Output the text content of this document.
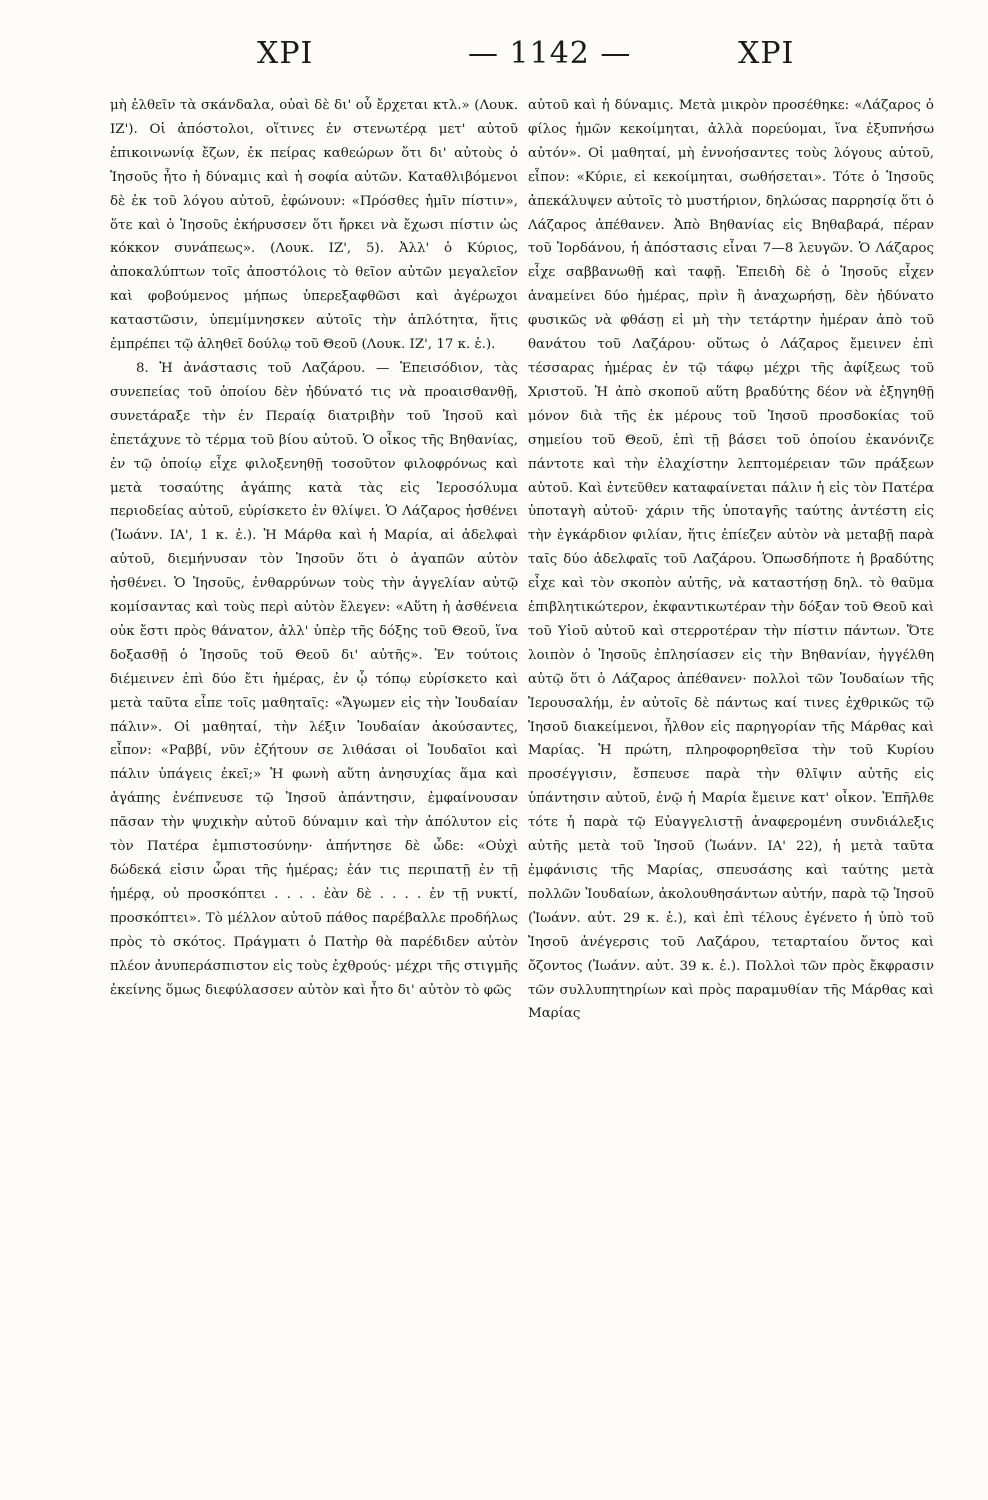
ΧΡΙ	— 1142 —	ΧΡΙ

μὴ ἐλθεῖν τὰ σκάνδαλα, οὐαὶ δὲ δι' οὗ ἔρχεται κτλ.» (Λουκ. ΙΖ'). Οἱ ἀπόστολοι, οἵτινες ἐν στενωτέρᾳ μετ' αὐτοῦ ἐπικοινωνίᾳ ἔζων, ἐκ πείρας καθεώρων ὅτι δι' αὐτοὺς ὁ Ἰησοῦς ἦτο ἡ δύναμις καὶ ἡ σοφία αὐτῶν. Καταθλιβόμενοι δὲ ἐκ τοῦ λόγου αὐτοῦ, ἐφώνουν: «Πρόσθες ἡμῖν πίστιν», ὅτε καὶ ὁ Ἰησοῦς ἐκήρυσσεν ὅτι ἤρκει νὰ ἔχωσι πίστιν ὡς κόκκον συνάπεως». (Λουκ. ΙΖ', 5). Ἀλλ' ὁ Κύριος, ἀποκαλύπτων τοῖς ἀποστόλοις τὸ θεῖον αὐτῶν μεγαλεῖον καὶ φοβούμενος μήπως ὑπερεξαφθῶσι καὶ ἀγέρωχοι καταστῶσιν, ὑπεμίμνησκεν αὐτοῖς τὴν ἁπλότητα, ἥτις ἐμπρέπει τῷ ἀληθεῖ δούλῳ τοῦ Θεοῦ (Λουκ. ΙΖ', 17 κ. ἑ.).

8. Ἡ ἀνάστασις τοῦ Λαζάρου. — Ἐπεισόδιον, τὰς συνεπείας τοῦ ὁποίου δὲν ἠδύνατό τις νὰ προαισθανθῇ, συνετάραξε τὴν ἐν Περαίᾳ διατριβὴν τοῦ Ἰησοῦ καὶ ἐπετάχυνε τὸ τέρμα τοῦ βίου αὐτοῦ. Ὁ οἶκος τῆς Βηθανίας, ἐν τῷ ὁποίῳ εἶχε φιλοξενηθῇ τοσοῦτον φιλοφρόνως καὶ μετὰ τοσαύτης ἀγάπης κατὰ τὰς εἰς Ἱεροσόλυμα περιοδείας αὐτοῦ, εὑρίσκετο ἐν θλίψει. Ὁ Λάζαρος ἠσθένει (Ἰωάνν. ΙΑ', 1 κ. ἑ.). Ἡ Μάρθα καὶ ἡ Μαρία, αἱ ἀδελφαὶ αὐτοῦ, διεμήνυσαν τὸν Ἰησοῦν ὅτι ὁ ἀγαπῶν αὐτὸν ἠσθένει. Ὁ Ἰησοῦς, ἐνθαρρύνων τοὺς τὴν ἀγγελίαν αὐτῷ κομίσαντας καὶ τοὺς περὶ αὐτὸν ἔλεγεν: «Αὕτη ἡ ἀσθένεια οὐκ ἔστι πρὸς θάνατον, ἀλλ' ὑπὲρ τῆς δόξης τοῦ Θεοῦ, ἵνα δοξασθῇ ὁ Ἰησοῦς τοῦ Θεοῦ δι' αὐτῆς». Ἐν τούτοις διέμεινεν ἐπὶ δύο ἔτι ἡμέρας, ἐν ᾧ τόπῳ εὑρίσκετο καὶ μετὰ ταῦτα εἶπε τοῖς μαθηταῖς: «Ἄγωμεν εἰς τὴν Ἰουδαίαν πάλιν». Οἱ μαθηταί, τὴν λέξιν Ἰουδαίαν ἀκούσαντες, εἶπον: «Ραββί, νῦν ἐζήτουν σε λιθάσαι οἱ Ἰουδαῖοι καὶ πάλιν ὑπάγεις ἐκεῖ;» Ἡ φωνὴ αὕτη ἀνησυχίας ἅμα καὶ ἀγάπης ἐνέπνευσε τῷ Ἰησοῦ ἀπάντησιν, ἐμφαίνουσαν πᾶσαν τὴν ψυχικὴν αὐτοῦ δύναμιν καὶ τὴν ἀπόλυτον εἰς τὸν Πατέρα ἐμπιστοσύνην· ἀπήντησε δὲ ὧδε: «Οὐχὶ δώδεκά εἰσιν ὧραι τῆς ἡμέρας; ἐάν τις περιπατῇ ἐν τῇ ἡμέρᾳ, οὐ προσκόπτει . . . . ἐὰν δὲ . . . . ἐν τῇ νυκτί, προσκόπτει». Τὸ μέλλον αὐτοῦ πάθος παρέβαλλε προδήλως πρὸς τὸ σκότος. Πράγματι ὁ Πατὴρ θὰ παρέδιδεν αὐτὸν πλέον ἀνυπεράσπιστον εἰς τοὺς ἐχθρούς· μέχρι τῆς στιγμῆς ἐκείνης ὅμως διεφύλασσεν αὐτὸν καὶ ἦτο δι' αὐτὸν τὸ φῶς

αὐτοῦ καὶ ἡ δύναμις. Μετὰ μικρὸν προσέθηκε: «Λάζαρος ὁ φίλος ἡμῶν κεκοίμηται, ἀλλὰ πορεύομαι, ἵνα ἐξυπνήσω αὐτόν». Οἱ μαθηταί, μὴ ἐννοήσαντες τοὺς λόγους αὐτοῦ, εἶπον: «Κύριε, εἰ κεκοίμηται, σωθήσεται». Τότε ὁ Ἰησοῦς ἀπεκάλυψεν αὐτοῖς τὸ μυστήριον, δηλώσας παρρησίᾳ ὅτι ὁ Λάζαρος ἀπέθανεν. Ἀπὸ Βηθανίας εἰς Βηθαβαρά, πέραν τοῦ Ἰορδάνου, ἡ ἀπόστασις εἶναι 7—8 λευγῶν. Ὁ Λάζαρος εἶχε σαββανωθῇ καὶ ταφῇ. Ἐπειδὴ δὲ ὁ Ἰησοῦς εἶχεν ἀναμείνει δύο ἡμέρας, πρὶν ἢ ἀναχωρήσῃ, δὲν ἠδύνατο φυσικῶς νὰ φθάσῃ εἰ μὴ τὴν τετάρτην ἡμέραν ἀπὸ τοῦ θανάτου τοῦ Λαζάρου· οὕτως ὁ Λάζαρος ἔμεινεν ἐπὶ τέσσαρας ἡμέρας ἐν τῷ τάφῳ μέχρι τῆς ἀφίξεως τοῦ Χριστοῦ. Ἡ ἀπὸ σκοποῦ αὕτη βραδύτης δέον νὰ ἐξηγηθῇ μόνον διὰ τῆς ἐκ μέρους τοῦ Ἰησοῦ προσδοκίας τοῦ σημείου τοῦ Θεοῦ, ἐπὶ τῇ βάσει τοῦ ὁποίου ἐκανόνιζε πάντοτε καὶ τὴν ἐλαχίστην λεπτομέρειαν τῶν πράξεων αὐτοῦ. Καὶ ἐντεῦθεν καταφαίνεται πάλιν ἡ εἰς τὸν Πατέρα ὑποταγὴ αὐτοῦ· χάριν τῆς ὑποταγῆς ταύτης ἀντέστη εἰς τὴν ἐγκάρδιον φιλίαν, ἥτις ἐπίεζεν αὐτὸν νὰ μεταβῇ παρὰ ταῖς δύο ἀδελφαῖς τοῦ Λαζάρου. Ὁπωσδήποτε ἡ βραδύτης εἶχε καὶ τὸν σκοπὸν αὐτῆς, νὰ καταστήσῃ δηλ. τὸ θαῦμα ἐπιβλητικώτερον, ἐκφαντικωτέραν τὴν δόξαν τοῦ Θεοῦ καὶ τοῦ Υἱοῦ αὐτοῦ καὶ στερροτέραν τὴν πίστιν πάντων. Ὅτε λοιπὸν ὁ Ἰησοῦς ἐπλησίασεν εἰς τὴν Βηθανίαν, ἠγγέλθη αὐτῷ ὅτι ὁ Λάζαρος ἀπέθανεν· πολλοὶ τῶν Ἰουδαίων τῆς Ἱερουσαλήμ, ἐν αὐτοῖς δὲ πάντως καί τινες ἐχθρικῶς τῷ Ἰησοῦ διακείμενοι, ἦλθον εἰς παρηγορίαν τῆς Μάρθας καὶ Μαρίας. Ἡ πρώτη, πληροφορηθεῖσα τὴν τοῦ Κυρίου προσέγγισιν, ἔσπευσε παρὰ τὴν θλῖψιν αὐτῆς εἰς ὑπάντησιν αὐτοῦ, ἐνῷ ἡ Μαρία ἔμεινε κατ' οἶκον. Ἐπῆλθε τότε ἡ παρὰ τῷ Εὐαγγελιστῇ ἀναφερομένη συνδιάλεξις αὐτῆς μετὰ τοῦ Ἰησοῦ (Ἰωάνν. ΙΑ' 22), ἡ μετὰ ταῦτα ἐμφάνισις τῆς Μαρίας, σπευσάσης καὶ ταύτης μετὰ πολλῶν Ἰουδαίων, ἀκολουθησάντων αὐτήν, παρὰ τῷ Ἰησοῦ (Ἰωάνν. αὐτ. 29 κ. ἑ.), καὶ ἐπὶ τέλους ἐγένετο ἡ ὑπὸ τοῦ Ἰησοῦ ἀνέγερσις τοῦ Λαζάρου, τεταρταίου ὄντος καὶ ὄζοντος (Ἰωάνν. αὐτ. 39 κ. ἑ.). Πολλοὶ τῶν πρὸς ἔκφρασιν τῶν συλλυπητηρίων καὶ πρὸς παραμυθίαν τῆς Μάρθας καὶ Μαρίας
